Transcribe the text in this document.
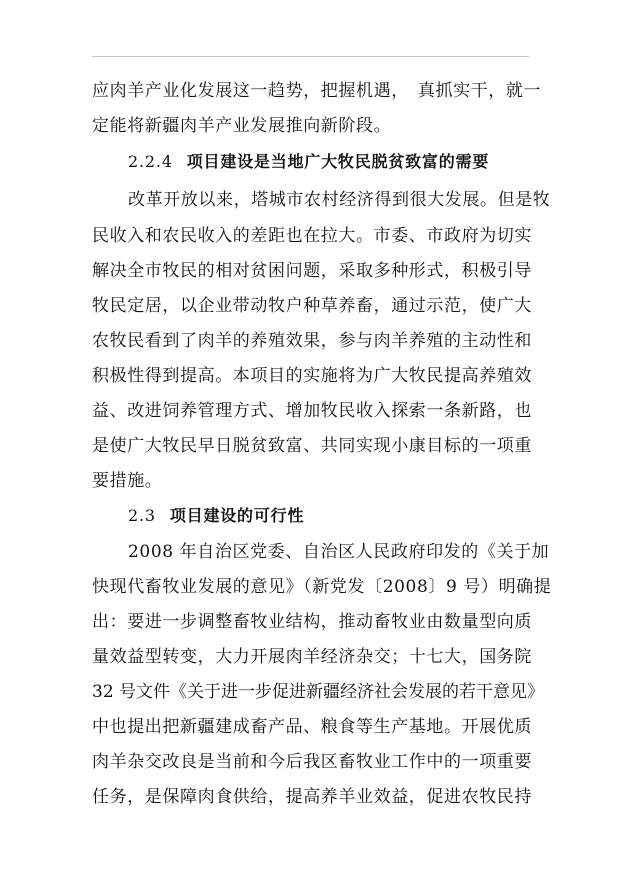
应肉羊产业化发展这一趋势，把握机遇，　真抓实干，就一
定能将新疆肉羊产业发展推向新阶段。
2.2.4 项目建设是当地广大牧民脱贫致富的需要
改革开放以来，塔城市农村经济得到很大发展。但是牧
民收入和农民收入的差距也在拉大。市委、市政府为切实
解决全市牧民的相对贫困问题，采取多种形式，积极引导
牧民定居，以企业带动牧户种草养畜，通过示范，使广大
农牧民看到了肉羊的养殖效果，参与肉羊养殖的主动性和
积极性得到提高。本项目的实施将为广大牧民提高养殖效
益、改进饲养管理方式、增加牧民收入探索一条新路，也
是使广大牧民早日脱贫致富、共同实现小康目标的一项重
要措施。
2.3 项目建设的可行性
2008 年自治区党委、自治区人民政府印发的《关于加
快现代畜牧业发展的意见》（新党发〔2008〕9 号）明确提
出：要进一步调整畜牧业结构，推动畜牧业由数量型向质
量效益型转变，大力开展肉羊经济杂交；十七大，国务院
32 号文件《关于进一步促进新疆经济社会发展的若干意见》
中也提出把新疆建成畜产品、粮食等生产基地。开展优质
肉羊杂交改良是当前和今后我区畜牧业工作中的一项重要
任务，是保障肉食供给，提高养羊业效益，促进农牧民持
